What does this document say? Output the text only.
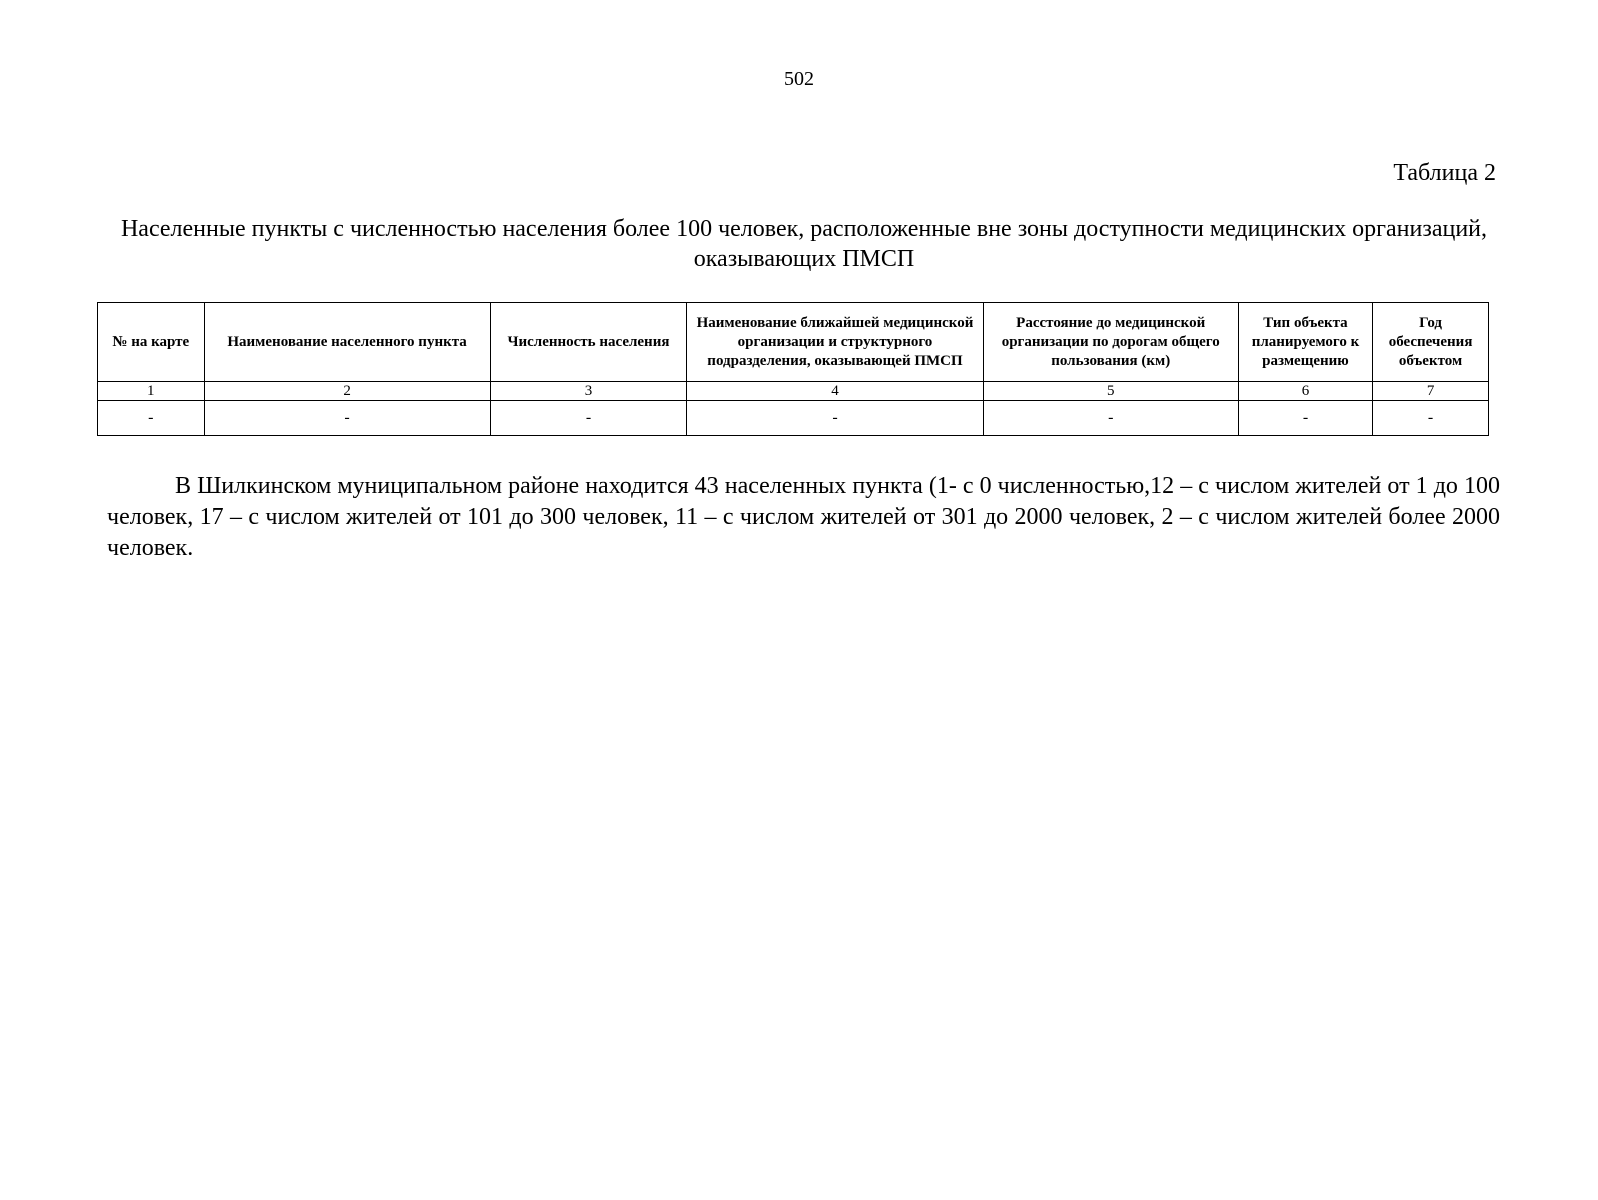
502
Таблица 2
Населенные пункты с численностью населения более 100 человек, расположенные вне зоны доступности медицинских организаций, оказывающих ПМСП
№ на карте	Наименование населенного пункта	Численность населения	Наименование ближайшей медицинской организации и структурного подразделения, оказывающей ПМСП	Расстояние до медицинской организации по дорогам общего пользования (км)	Тип объекта планируемого к размещению	Год обеспечения объектом
1	2	3	4	5	6	7
-	-	-	-	-	-	-

В Шилкинском муниципальном районе находится 43 населенных пункта (1- с 0 численностью,12 – с числом жителей от 1 до 100 человек, 17 – с числом жителей от 101 до 300 человек, 11 – с числом жителей от 301 до 2000 человек, 2 – с числом жителей более 2000 человек.
